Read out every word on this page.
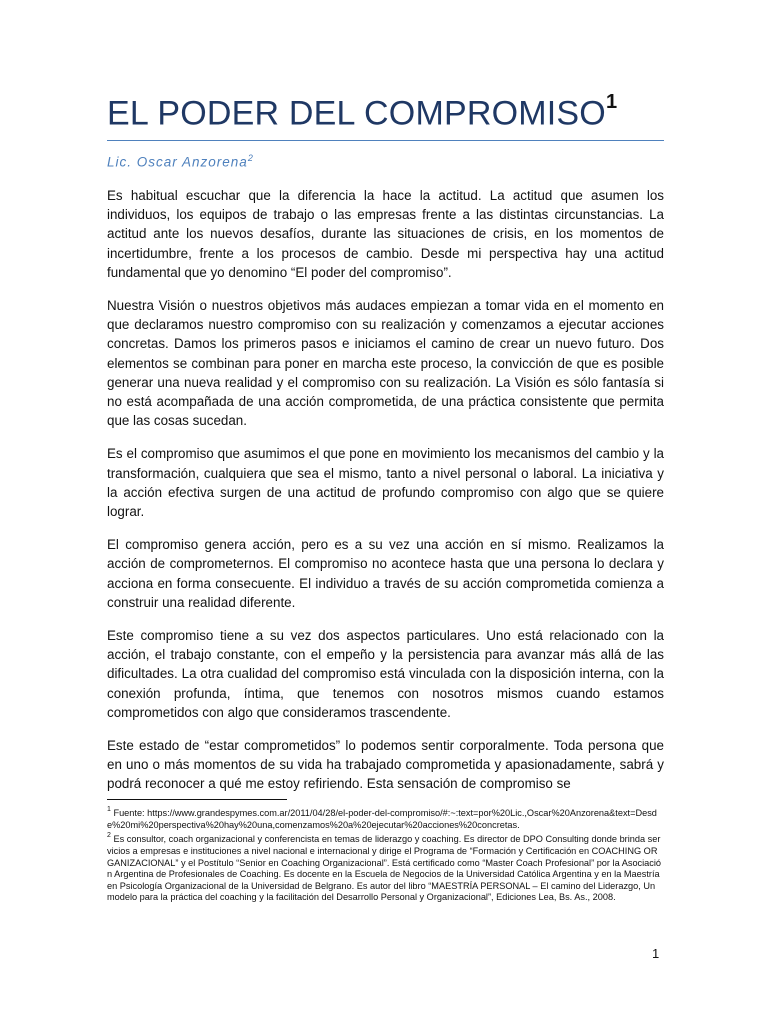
EL PODER DEL COMPROMISO$^1$
Lic. Oscar Anzorena$^2$

Es habitual escuchar que la diferencia la hace la actitud. La actitud que asumen los individuos, los equipos de trabajo o las empresas frente a las distintas circunstancias. La actitud ante los nuevos desafíos, durante las situaciones de crisis, en los momentos de incertidumbre, frente a los procesos de cambio. Desde mi perspectiva hay una actitud fundamental que yo denomino “El poder del compromiso”.

Nuestra Visión o nuestros objetivos más audaces empiezan a tomar vida en el momento en que declaramos nuestro compromiso con su realización y comenzamos a ejecutar acciones concretas. Damos los primeros pasos e iniciamos el camino de crear un nuevo futuro. Dos elementos se combinan para poner en marcha este proceso, la convicción de que es posible generar una nueva realidad y el compromiso con su realización. La Visión es sólo fantasía si no está acompañada de una acción comprometida, de una práctica consistente que permita que las cosas sucedan.

Es el compromiso que asumimos el que pone en movimiento los mecanismos del cambio y la transformación, cualquiera que sea el mismo, tanto a nivel personal o laboral. La iniciativa y la acción efectiva surgen de una actitud de profundo compromiso con algo que se quiere lograr.

El compromiso genera acción, pero es a su vez una acción en sí mismo. Realizamos la acción de comprometernos. El compromiso no acontece hasta que una persona lo declara y acciona en forma consecuente. El individuo a través de su acción comprometida comienza a construir una realidad diferente.

Este compromiso tiene a su vez dos aspectos particulares. Uno está relacionado con la acción, el trabajo constante, con el empeño y la persistencia para avanzar más allá de las dificultades. La otra cualidad del compromiso está vinculada con la disposición interna, con la conexión profunda, íntima, que tenemos con nosotros mismos cuando estamos comprometidos con algo que consideramos trascendente.

Este estado de “estar comprometidos” lo podemos sentir corporalmente. Toda persona que en uno o más momentos de su vida ha trabajado comprometida y apasionadamente, sabrá y podrá reconocer a qué me estoy refiriendo. Esta sensación de compromiso se

$^1$ Fuente: https://www.grandespymes.com.ar/2011/04/28/el-poder-del-compromiso/#:~:text=por%20Lic.,Oscar%20Anzorena&text=Desde%20mi%20perspectiva%20hay%20una,comenzamos%20a%20ejecutar%20acciones%20concretas.

$^2$ Es consultor, coach organizacional y conferencista en temas de liderazgo y coaching. Es director de DPO Consulting donde brinda servicios a empresas e instituciones a nivel nacional e internacional y dirige el Programa de “Formación y Certificación en COACHING ORGANIZACIONAL” y el Postítulo “Senior en Coaching Organizacional”. Está certificado como “Master Coach Profesional” por la Asociación Argentina de Profesionales de Coaching. Es docente en la Escuela de Negocios de la Universidad Católica Argentina y en la Maestría en Psicología Organizacional de la Universidad de Belgrano. Es autor del libro “MAESTRÍA PERSONAL – El camino del Liderazgo, Un modelo para la práctica del coaching y la facilitación del Desarrollo Personal y Organizacional”, Ediciones Lea, Bs. As., 2008.

1
